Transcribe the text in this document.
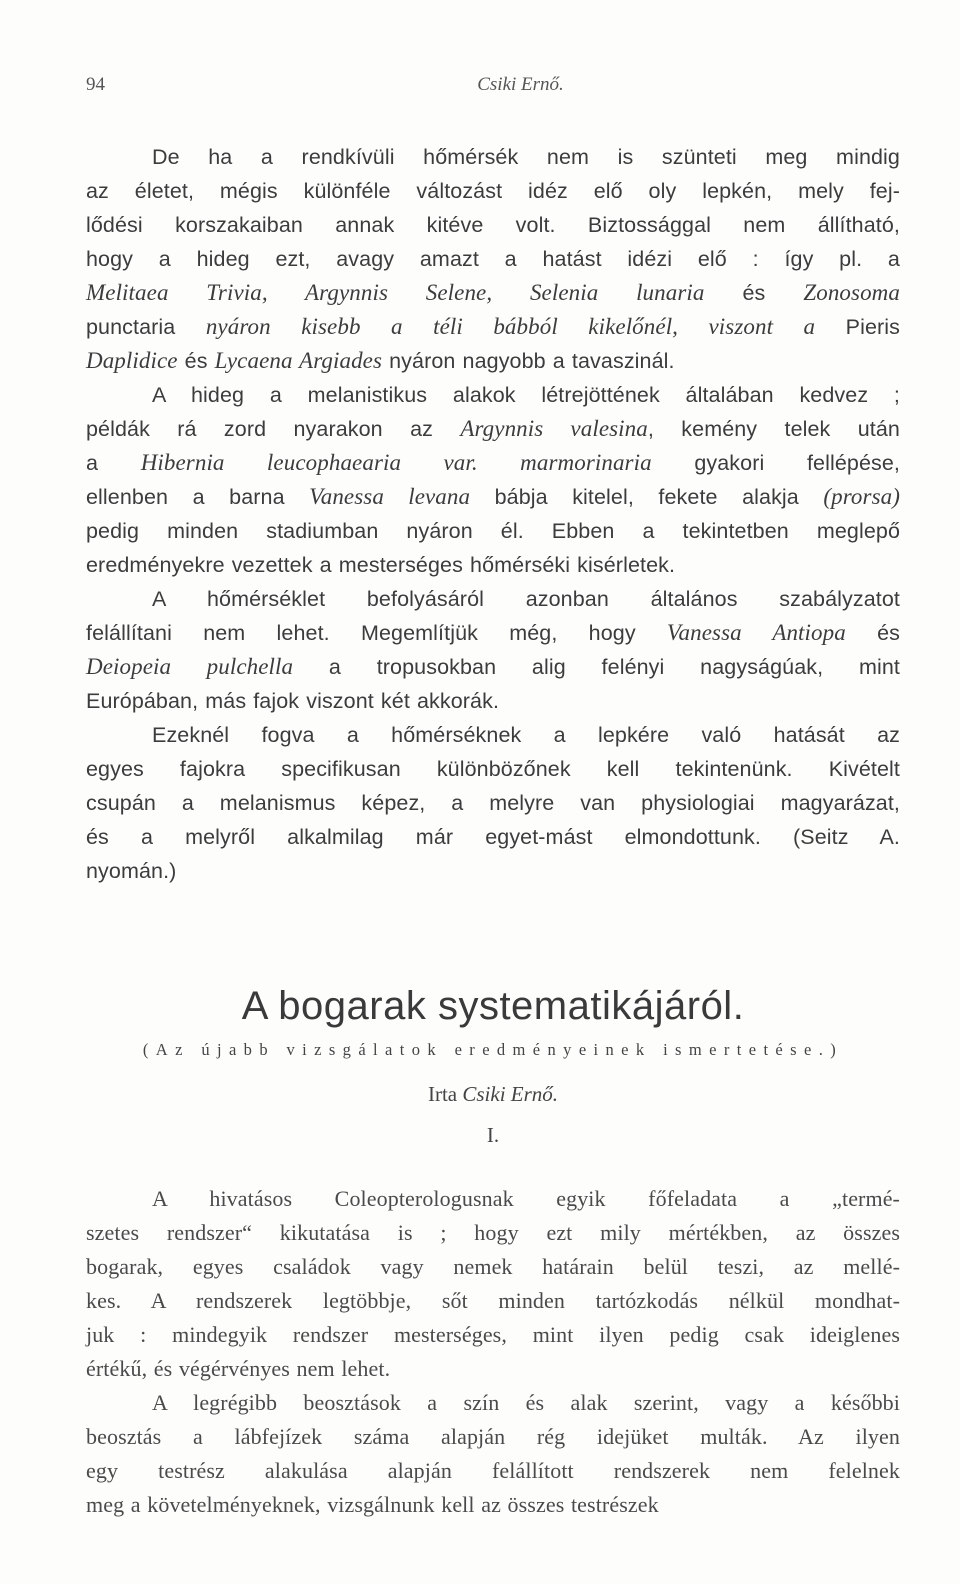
94	Csiki Ernő.
De ha a rendkívüli hőmérsék nem is szünteti meg mindig
az életet, mégis különféle változást idéz elő oly lepkén, mely fej-
lődési korszakaiban annak kitéve volt. Biztossággal nem állítható,
hogy a hideg ezt, avagy amazt a hatást idézi elő : így pl. a
Melitaea Trivia, Argynnis Selene, Selenia lunaria és Zonosoma
punctaria nyáron kisebb a téli bábból kikelőnél, viszont a Pieris
Daplidice és Lycaena Argiades nyáron nagyobb a tavaszinál.
A hideg a melanistikus alakok létrejöttének általában kedvez ;
példák rá zord nyarakon az Argynnis valesina, kemény telek után
a Hibernia leucophaearia var. marmorinaria gyakori fellépése,
ellenben a barna Vanessa levana bábja kitelel, fekete alakja (prorsa)
pedig minden stadiumban nyáron él. Ebben a tekintetben meglepő
eredményekre vezettek a mesterséges hőmérséki kisérletek.
A hőmérséklet befolyásáról azonban általános szabályzatot
felállítani nem lehet. Megemlítjük még, hogy Vanessa Antiopa és
Deiopeia pulchella a tropusokban alig felényi nagyságúak, mint
Európában, más fajok viszont két akkorák.
Ezeknél fogva a hőmérséknek a lepkére való hatását az
egyes fajokra specifikusan különbözőnek kell tekintenünk. Kivételt
csupán a melanismus képez, a melyre van physiologiai magyarázat,
és a melyről alkalmilag már egyet-mást elmondottunk. (Seitz A.
nyomán.)
A bogarak systematikájáról.
(Az újabb vizsgálatok eredményeinek ismertetése.)
Irta Csiki Ernő.
I.
A hivatásos Coleopterologusnak egyik főfeladata a „termé-
szetes rendszer“ kikutatása is ; hogy ezt mily mértékben, az összes
bogarak, egyes családok vagy nemek határain belül teszi, az mellé-
kes. A rendszerek legtöbbje, sőt minden tartózkodás nélkül mondhat-
juk : mindegyik rendszer mesterséges, mint ilyen pedig csak ideiglenes
értékű, és végérvényes nem lehet.
A legrégibb beosztások a szín és alak szerint, vagy a későbbi
beosztás a lábfejízek száma alapján rég idejüket multák. Az ilyen
egy testrész alakulása alapján felállított rendszerek nem felelnek
meg a követelményeknek, vizsgálnunk kell az összes testrészek
